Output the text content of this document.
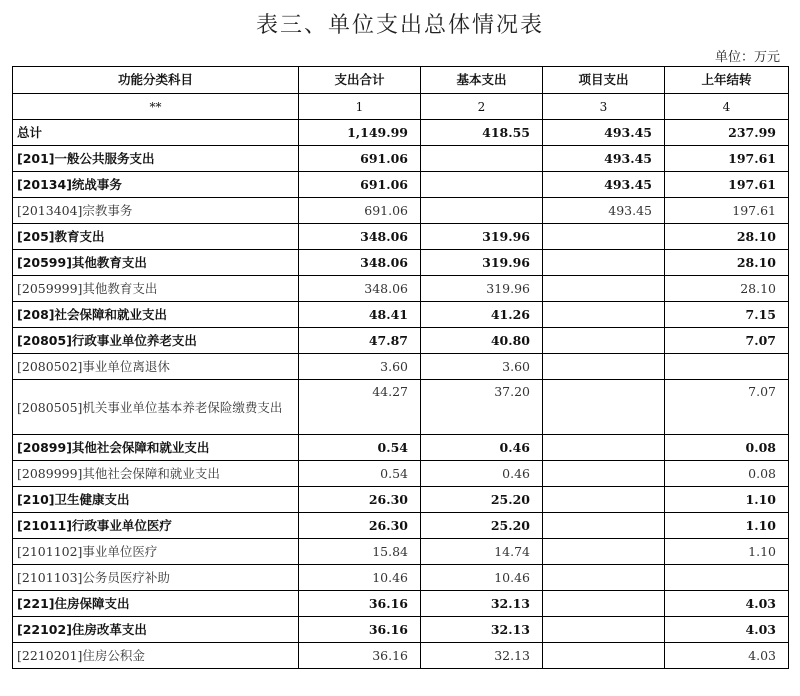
表三、单位支出总体情况表
单位：万元
功能分类科目	支出合计	基本支出	项目支出	上年结转
**	1	2	3	4
总计	1,149.99	418.55	493.45	237.99
[201]一般公共服务支出	691.06		493.45	197.61
[20134]统战事务	691.06		493.45	197.61
[2013404]宗教事务	691.06		493.45	197.61
[205]教育支出	348.06	319.96		28.10
[20599]其他教育支出	348.06	319.96		28.10
[2059999]其他教育支出	348.06	319.96		28.10
[208]社会保障和就业支出	48.41	41.26		7.15
[20805]行政事业单位养老支出	47.87	40.80		7.07
[2080502]事业单位离退休	3.60	3.60		
[2080505]机关事业单位基本养老保险缴费支出	44.27	37.20		7.07
[20899]其他社会保障和就业支出	0.54	0.46		0.08
[2089999]其他社会保障和就业支出	0.54	0.46		0.08
[210]卫生健康支出	26.30	25.20		1.10
[21011]行政事业单位医疗	26.30	25.20		1.10
[2101102]事业单位医疗	15.84	14.74		1.10
[2101103]公务员医疗补助	10.46	10.46		
[221]住房保障支出	36.16	32.13		4.03
[22102]住房改革支出	36.16	32.13		4.03
[2210201]住房公积金	36.16	32.13		4.03
